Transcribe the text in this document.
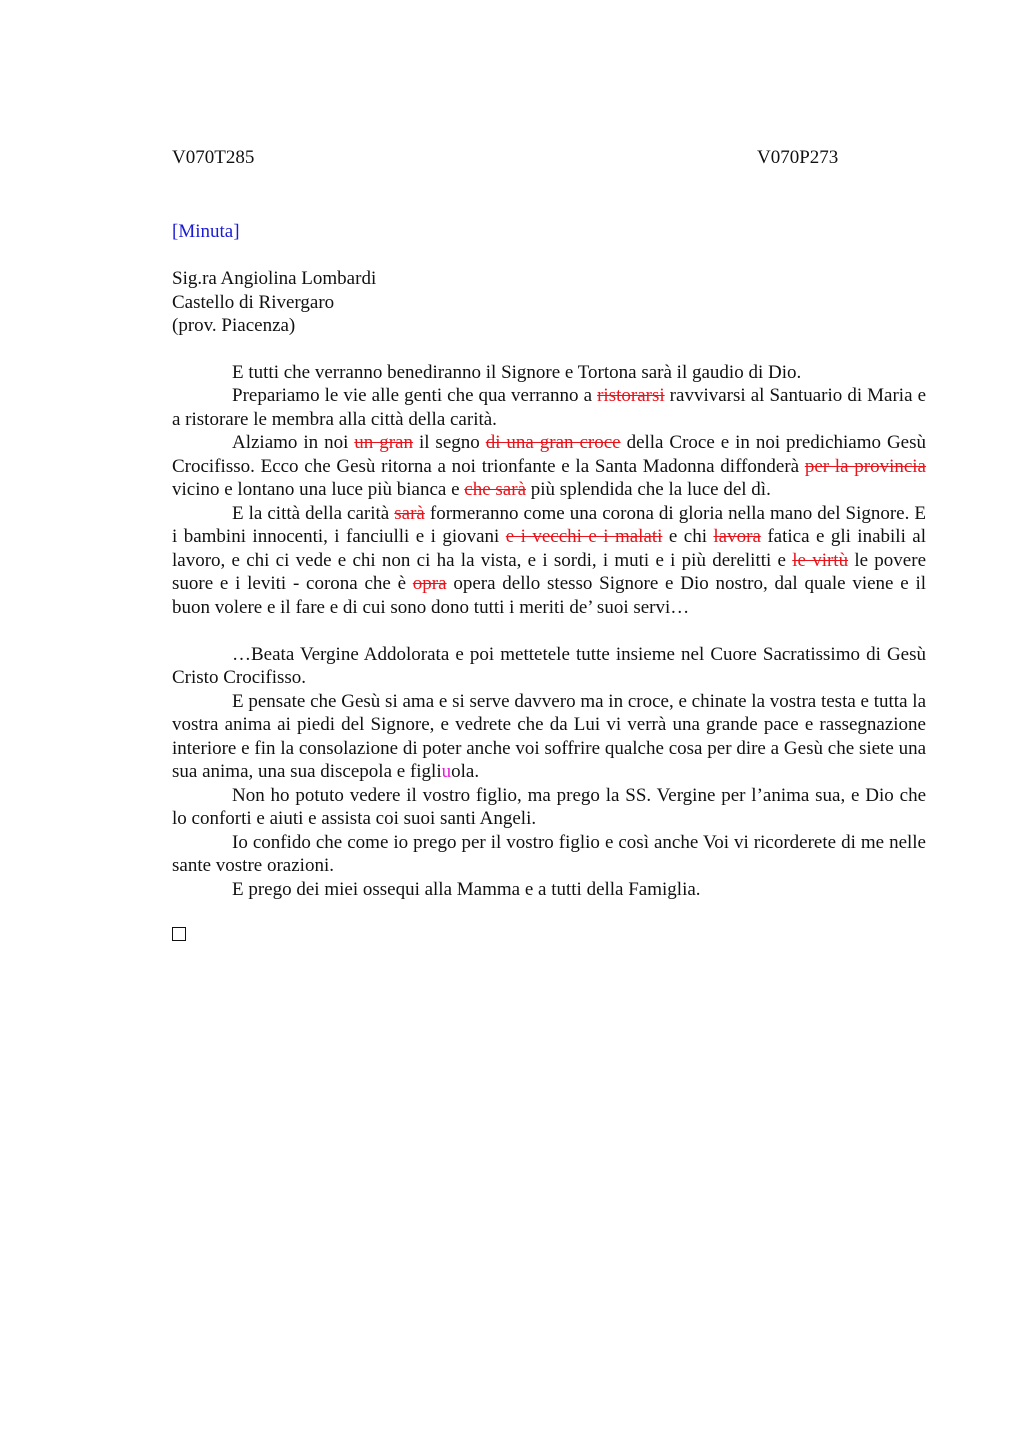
V070T285	V070P273
[Minuta]
Sig.ra Angiolina Lombardi
Castello di Rivergaro
(prov. Piacenza)

E tutti che verranno benediranno il Signore e Tortona sarà il gaudio di Dio.

Prepariamo le vie alle genti che qua verranno a ristorarsi ravvivarsi al Santuario di Maria e a ristorare le membra alla città della carità.

Alziamo in noi un gran il segno di una gran croce della Croce e in noi predichiamo Gesù Crocifisso. Ecco che Gesù ritorna a noi trionfante e la Santa Madonna diffonderà per la provincia vicino e lontano una luce più bianca e che sarà più splendida che la luce del dì.

E la città della carità sarà formeranno come una corona di gloria nella mano del Signore. E i bambini innocenti, i fanciulli e i giovani e i vecchi e i malati e chi lavora fatica e gli inabili al lavoro, e chi ci vede e chi non ci ha la vista, e i sordi, i muti e i più derelitti e le virtù le povere suore e i leviti - corona che è opra opera dello stesso Signore e Dio nostro, dal quale viene e il buon volere e il fare e di cui sono dono tutti i meriti de’ suoi servi…

…Beata Vergine Addolorata e poi mettetele tutte insieme nel Cuore Sacratissimo di Gesù Cristo Crocifisso.

E pensate che Gesù si ama e si serve davvero ma in croce, e chinate la vostra testa e tutta la vostra anima ai piedi del Signore, e vedrete che da Lui vi verrà una grande pace e rassegnazione interiore e fin la consolazione di poter anche voi soffrire qualche cosa per dire a Gesù che siete una sua anima, una sua discepola e figliuola.

Non ho potuto vedere il vostro figlio, ma prego la SS. Vergine per l’anima sua, e Dio che lo conforti e aiuti e assista coi suoi santi Angeli.

Io confido che come io prego per il vostro figlio e così anche Voi vi ricorderete di me nelle sante vostre orazioni.

E prego dei miei ossequi alla Mamma e a tutti della Famiglia.
